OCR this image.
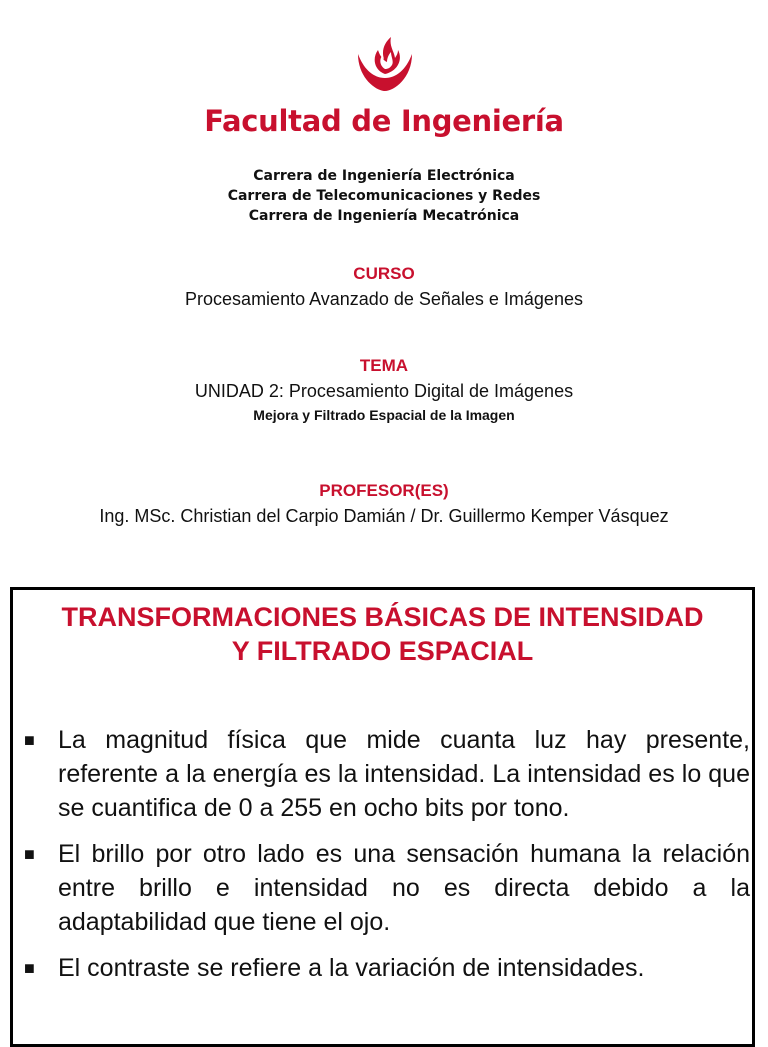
Facultad de Ingeniería
Carrera de Ingeniería Electrónica
Carrera de Telecomunicaciones y Redes
Carrera de Ingeniería Mecatrónica
CURSO
Procesamiento Avanzado de Señales e Imágenes
TEMA
UNIDAD 2: Procesamiento Digital de Imágenes
Mejora y Filtrado Espacial de la Imagen
PROFESOR(ES)
Ing. MSc. Christian del Carpio Damián / Dr. Guillermo Kemper Vásquez
TRANSFORMACIONES BÁSICAS DE INTENSIDAD
Y FILTRADO ESPACIAL
■ La magnitud física que mide cuanta luz hay presente, referente a la energía es la intensidad. La intensidad es lo que se cuantifica de 0 a 255 en ocho bits por tono.
■ El brillo por otro lado es una sensación humana la relación entre brillo e intensidad no es directa debido a la adaptabilidad que tiene el ojo.
■ El contraste se refiere a la variación de intensidades.
